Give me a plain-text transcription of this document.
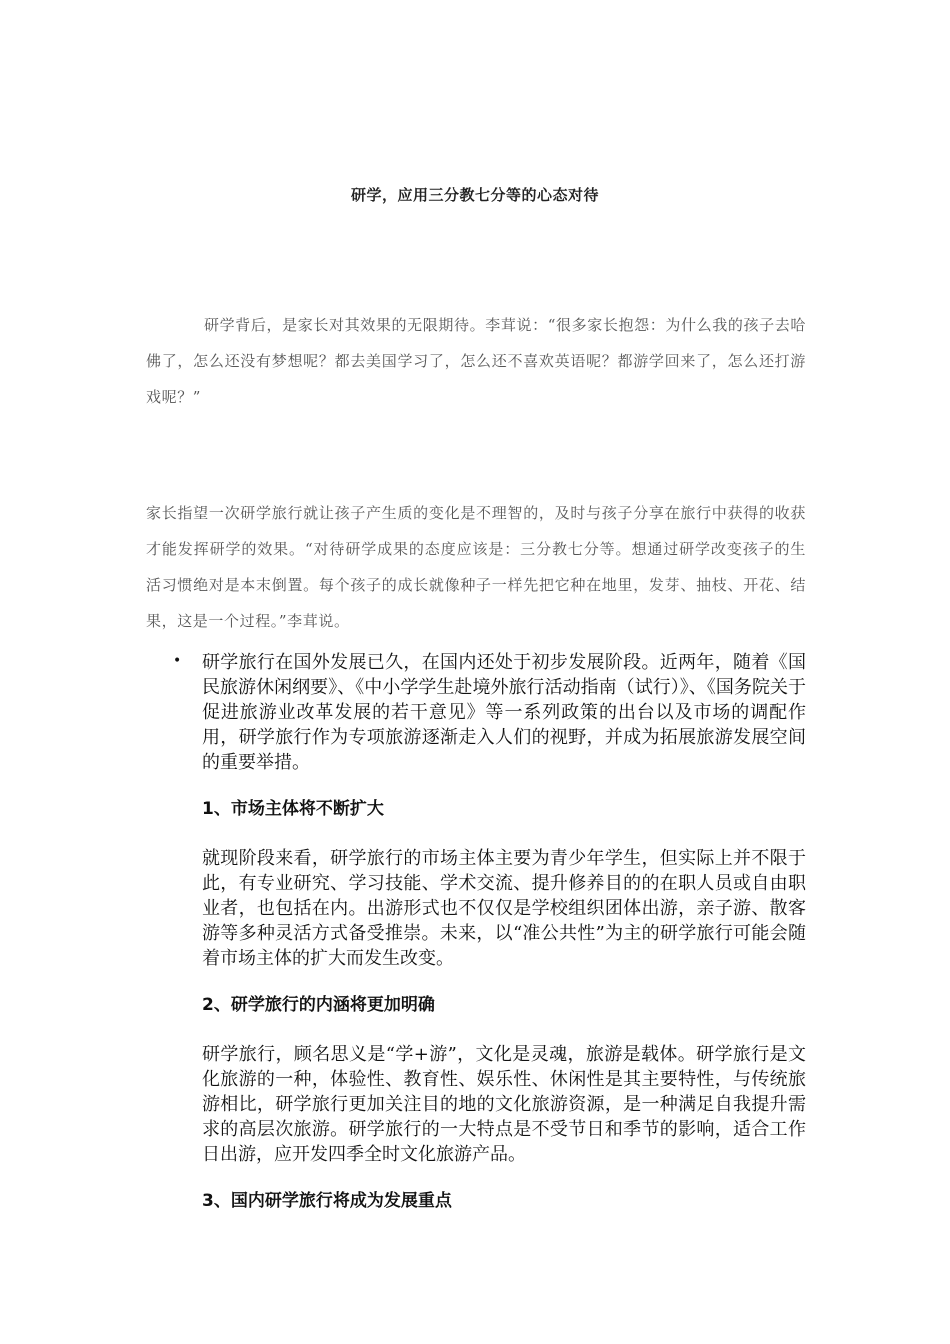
研学，应用三分教七分等的心态对待

研学背后，是家长对其效果的无限期待。李茸说：“很多家长抱怨：为什么我的孩子去哈佛了，怎么还没有梦想呢？都去美国学习了，怎么还不喜欢英语呢？都游学回来了，怎么还打游戏呢？”

家长指望一次研学旅行就让孩子产生质的变化是不理智的，及时与孩子分享在旅行中获得的收获才能发挥研学的效果。“对待研学成果的态度应该是：三分教七分等。想通过研学改变孩子的生活习惯绝对是本末倒置。每个孩子的成长就像种子一样先把它种在地里，发芽、抽枝、开花、结果，这是一个过程。”李茸说。

• 研学旅行在国外发展已久，在国内还处于初步发展阶段。近两年，随着《国民旅游休闲纲要》、《中小学学生赴境外旅行活动指南（试行）》、《国务院关于促进旅游业改革发展的若干意见》等一系列政策的出台以及市场的调配作用，研学旅行作为专项旅游逐渐走入人们的视野，并成为拓展旅游发展空间的重要举措。

1、市场主体将不断扩大

就现阶段来看，研学旅行的市场主体主要为青少年学生，但实际上并不限于此，有专业研究、学习技能、学术交流、提升修养目的的在职人员或自由职业者，也包括在内。出游形式也不仅仅是学校组织团体出游，亲子游、散客游等多种灵活方式备受推崇。未来，以“准公共性”为主的研学旅行可能会随着市场主体的扩大而发生改变。

2、研学旅行的内涵将更加明确

研学旅行，顾名思义是“学+游”，文化是灵魂，旅游是载体。研学旅行是文化旅游的一种，体验性、教育性、娱乐性、休闲性是其主要特性，与传统旅游相比，研学旅行更加关注目的地的文化旅游资源，是一种满足自我提升需求的高层次旅游。研学旅行的一大特点是不受节日和季节的影响，适合工作日出游，应开发四季全时文化旅游产品。

3、国内研学旅行将成为发展重点
